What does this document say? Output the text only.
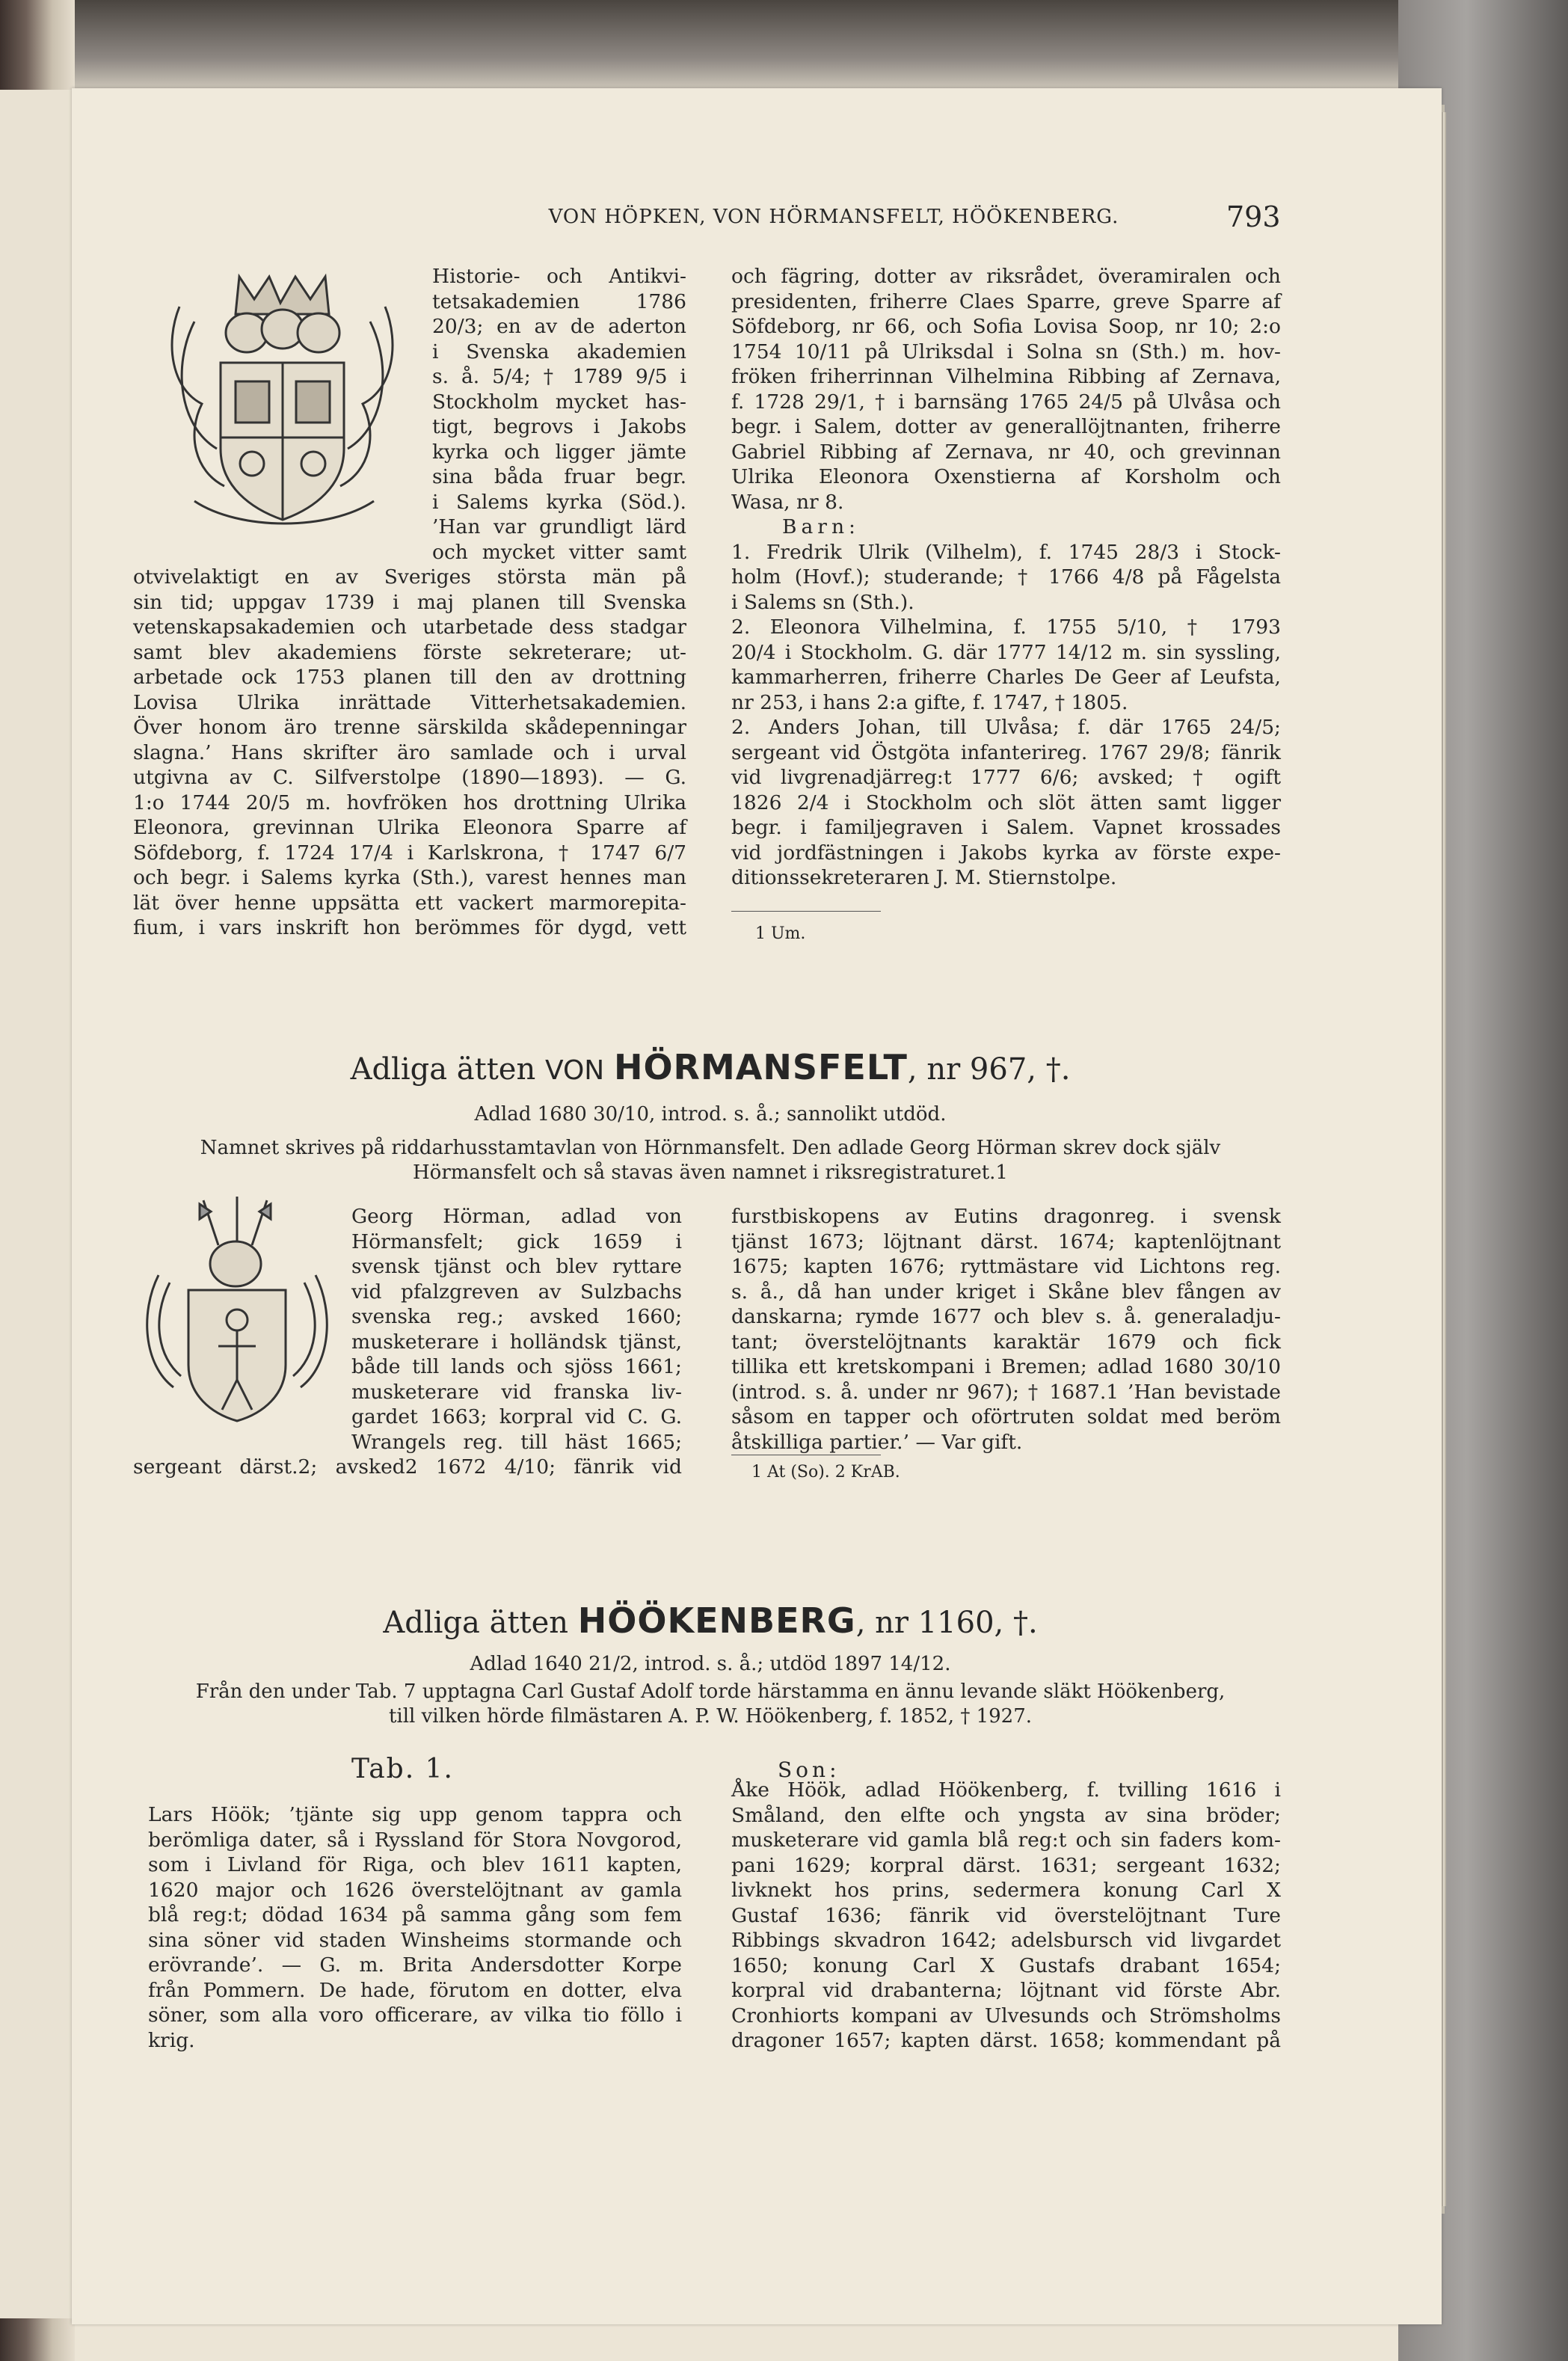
VON HÖPKEN, VON HÖRMANSFELT, HÖÖKENBERG.	793
Historie- och Antikvi-
tetsakademien 1786
20/3; en av de aderton
i Svenska akademien
s. å. 5/4; † 1789 9/5 i
Stockholm mycket has-
tigt, begrovs i Jakobs
kyrka och ligger jämte
sina båda fruar begr.
i Salems kyrka (Söd.).
’Han var grundligt lärd
och mycket vitter samt
otvivelaktigt en av Sveriges största män på
sin tid; uppgav 1739 i maj planen till Svenska
vetenskapsakademien och utarbetade dess stadgar
samt blev akademiens förste sekreterare; ut-
arbetade ock 1753 planen till den av drottning
Lovisa Ulrika inrättade Vitterhetsakademien.
Över honom äro trenne särskilda skådepenningar
slagna.’ Hans skrifter äro samlade och i urval
utgivna av C. Silfverstolpe (1890—1893). — G.
1:o 1744 20/5 m. hovfröken hos drottning Ulrika
Eleonora, grevinnan Ulrika Eleonora Sparre af
Söfdeborg, f. 1724 17/4 i Karlskrona, † 1747 6/7
och begr. i Salems kyrka (Sth.), varest hennes man
lät över henne uppsätta ett vackert marmorepita-
fium, i vars inskrift hon berömmes för dygd, vett
och fägring, dotter av riksrådet, överamiralen och
presidenten, friherre Claes Sparre, greve Sparre af
Söfdeborg, nr 66, och Sofia Lovisa Soop, nr 10; 2:o
1754 10/11 på Ulriksdal i Solna sn (Sth.) m. hov-
fröken friherrinnan Vilhelmina Ribbing af Zernava,
f. 1728 29/1, † i barnsäng 1765 24/5 på Ulvåsa och
begr. i Salem, dotter av generallöjtnanten, friherre
Gabriel Ribbing af Zernava, nr 40, och grevinnan
Ulrika Eleonora Oxenstierna af Korsholm och
Wasa, nr 8.
Barn:
1. Fredrik Ulrik (Vilhelm), f. 1745 28/3 i Stock-
holm (Hovf.); studerande; † 1766 4/8 på Fågelsta
i Salems sn (Sth.).
2. Eleonora Vilhelmina, f. 1755 5/10, † 1793
20/4 i Stockholm. G. där 1777 14/12 m. sin syssling,
kammarherren, friherre Charles De Geer af Leufsta,
nr 253, i hans 2:a gifte, f. 1747, † 1805.
2. Anders Johan, till Ulvåsa; f. där 1765 24/5;
sergeant vid Östgöta infanterireg. 1767 29/8; fänrik
vid livgrenadjärreg:t 1777 6/6; avsked; † ogift
1826 2/4 i Stockholm och slöt ätten samt ligger
begr. i familjegraven i Salem. Vapnet krossades
vid jordfästningen i Jakobs kyrka av förste expe-
ditionssekreteraren J. M. Stiernstolpe.
1 Um.
Adliga ätten VON HÖRMANSFELT, nr 967, †.
Adlad 1680 30/10, introd. s. å.; sannolikt utdöd.
Namnet skrives på riddarhusstamtavlan von Hörnmansfelt. Den adlade Georg Hörman skrev dock själv
Hörmansfelt och så stavas även namnet i riksregistraturet.1
Georg Hörman, adlad von
Hörmansfelt; gick 1659 i
svensk tjänst och blev ryttare
vid pfalzgreven av Sulzbachs
svenska reg.; avsked 1660;
musketerare i holländsk tjänst,
både till lands och sjöss 1661;
musketerare vid franska liv-
gardet 1663; korpral vid C. G.
Wrangels reg. till häst 1665;
sergeant därst.2; avsked2 1672 4/10; fänrik vid
furstbiskopens av Eutins dragonreg. i svensk
tjänst 1673; löjtnant därst. 1674; kaptenlöjtnant
1675; kapten 1676; ryttmästare vid Lichtons reg.
s. å., då han under kriget i Skåne blev fången av
danskarna; rymde 1677 och blev s. å. generaladju-
tant; överstelöjtnants karaktär 1679 och fick
tillika ett kretskompani i Bremen; adlad 1680 30/10
(introd. s. å. under nr 967); † 1687.1 ’Han bevistade
såsom en tapper och oförtruten soldat med beröm
åtskilliga partier.’ — Var gift.
1 At (So). 2 KrAB.
Adliga ätten HÖÖKENBERG, nr 1160, †.
Adlad 1640 21/2, introd. s. å.; utdöd 1897 14/12.
Från den under Tab. 7 upptagna Carl Gustaf Adolf torde härstamma en ännu levande släkt Höökenberg,
till vilken hörde filmästaren A. P. W. Höökenberg, f. 1852, † 1927.
Tab. 1.	Son:
Lars Höök; ’tjänte sig upp genom tappra och
berömliga dater, så i Ryssland för Stora Novgorod,
som i Livland för Riga, och blev 1611 kapten,
1620 major och 1626 överstelöjtnant av gamla
blå reg:t; dödad 1634 på samma gång som fem
sina söner vid staden Winsheims stormande och
erövrande’. — G. m. Brita Andersdotter Korpe
från Pommern. De hade, förutom en dotter, elva
söner, som alla voro officerare, av vilka tio föllo i
krig.
Åke Höök, adlad Höökenberg, f. tvilling 1616 i
Småland, den elfte och yngsta av sina bröder;
musketerare vid gamla blå reg:t och sin faders kom-
pani 1629; korpral därst. 1631; sergeant 1632;
livknekt hos prins, sedermera konung Carl X
Gustaf 1636; fänrik vid överstelöjtnant Ture
Ribbings skvadron 1642; adelsbursch vid livgardet
1650; konung Carl X Gustafs drabant 1654;
korpral vid drabanterna; löjtnant vid förste Abr.
Cronhiorts kompani av Ulvesunds och Strömsholms
dragoner 1657; kapten därst. 1658; kommendant på
